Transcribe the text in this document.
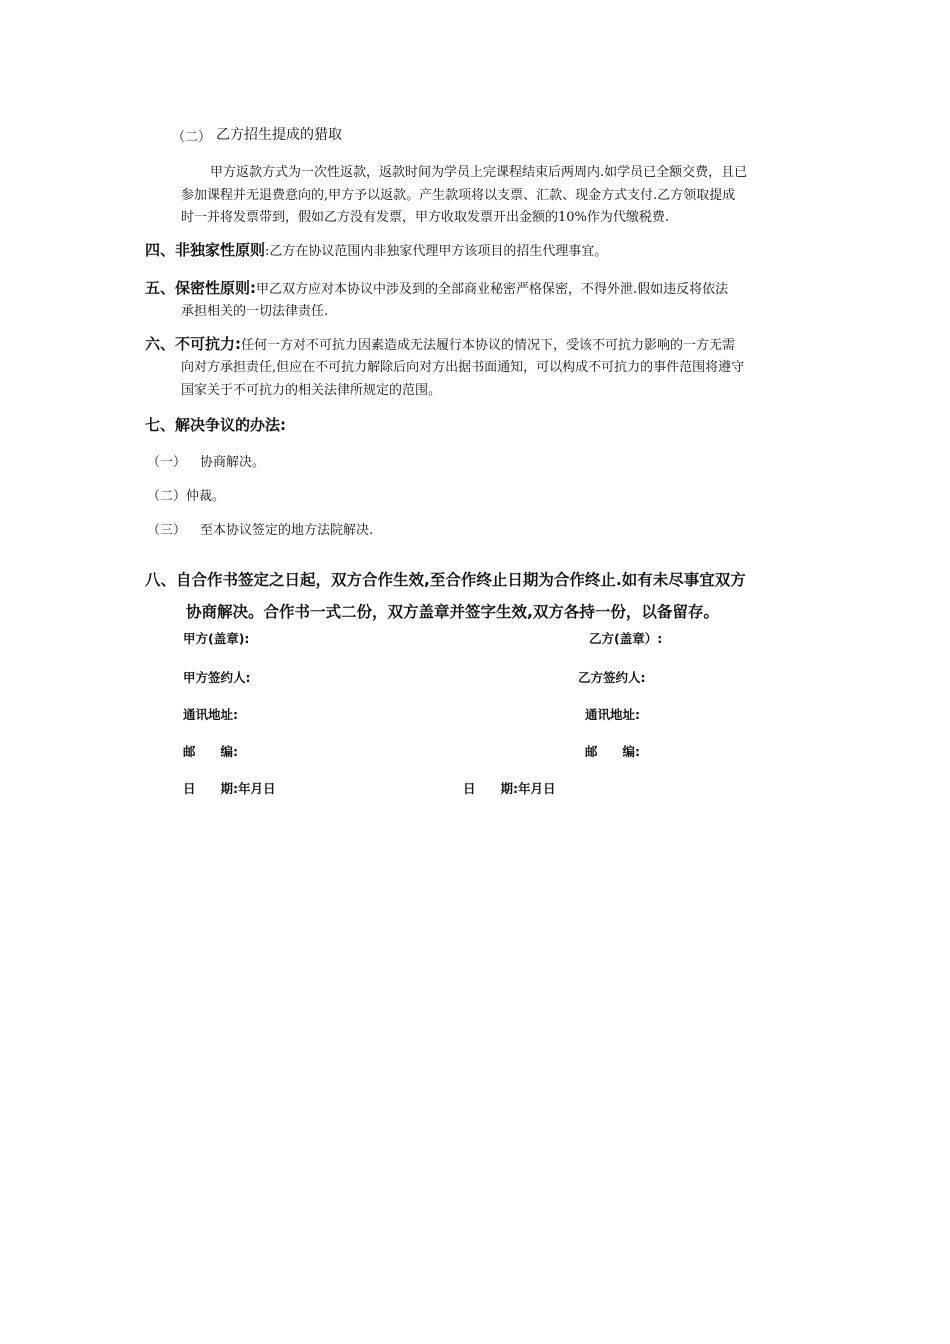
（二） 乙方招生提成的猎取
甲方返款方式为一次性返款，返款时间为学员上完课程结束后两周内.如学员已全额交费，且已
参加课程并无退费意向的,甲方予以返款。产生款项将以支票、汇款、现金方式支付.乙方领取提成
时一并将发票带到，假如乙方没有发票，甲方收取发票开出金额的10%作为代缴税费.
四、非独家性原则:乙方在协议范围内非独家代理甲方该项目的招生代理事宜。
五、保密性原则:甲乙双方应对本协议中涉及到的全部商业秘密严格保密，不得外泄.假如违反将依法
承担相关的一切法律责任.
六、不可抗力:任何一方对不可抗力因素造成无法履行本协议的情况下，受该不可抗力影响的一方无需
向对方承担责任,但应在不可抗力解除后向对方出据书面通知，可以构成不可抗力的事件范围将遵守
国家关于不可抗力的相关法律所规定的范围。
七、解决争议的办法:
（一） 协商解决。
（二）仲裁。
（三） 至本协议签定的地方法院解决.
八、自合作书签定之日起，双方合作生效,至合作终止日期为合作终止.如有未尽事宜双方
协商解决。合作书一式二份，双方盖章并签字生效,双方各持一份，以备留存。
甲方(盖章):	乙方(盖章）:
甲方签约人:	乙方签约人:
通讯地址:	通讯地址:
邮　　编:	邮　　编:
日　　期:年月日	日　　期:年月日
